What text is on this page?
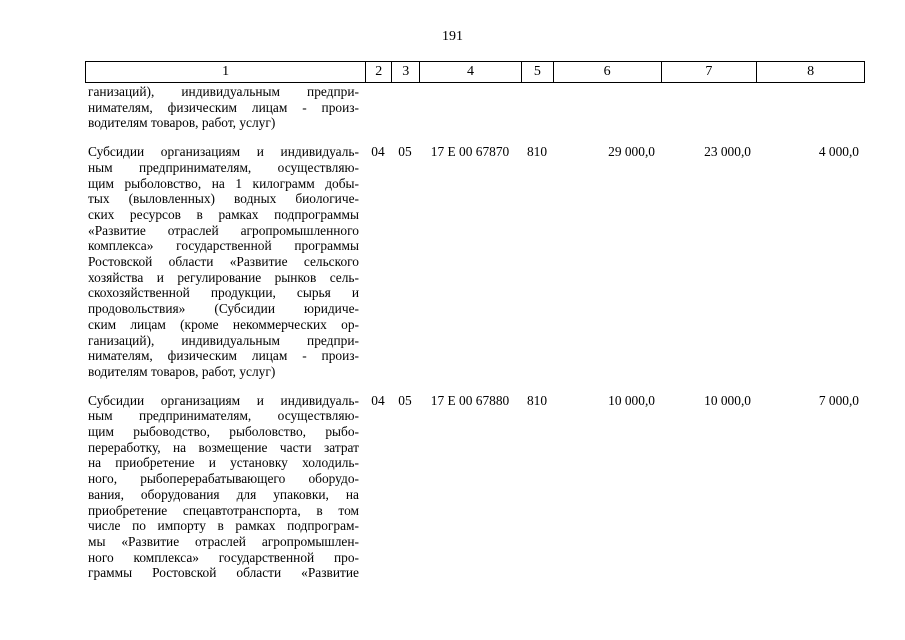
191
1	2	3	4	5	6	7	8
ганизаций), индивидуальным предпри-
нимателям, физическим лицам - произ-
водителям товаров, работ, услуг)
Субсидии организациям и индивидуаль-
ным предпринимателям, осуществляю-
щим рыболовство, на 1 килограмм добы-
тых (выловленных) водных биологиче-
ских ресурсов в рамках подпрограммы
«Развитие отраслей агропромышленного
комплекса» государственной программы
Ростовской области «Развитие сельского
хозяйства и регулирование рынков сель-
скохозяйственной продукции, сырья и
продовольствия» (Субсидии юридиче-
ским лицам (кроме некоммерческих ор-
ганизаций), индивидуальным предпри-
нимателям, физическим лицам - произ-
водителям товаров, работ, услуг)
04	05	17 Е 00 67870	810	29 000,0	23 000,0	4 000,0
Субсидии организациям и индивидуаль-
ным предпринимателям, осуществляю-
щим рыбоводство, рыболовство, рыбо-
переработку, на возмещение части затрат
на приобретение и установку холодиль-
ного, рыбоперерабатывающего оборудо-
вания, оборудования для упаковки, на
приобретение спецавтотранспорта, в том
числе по импорту в рамках подпрограм-
мы «Развитие отраслей агропромышлен-
ного комплекса» государственной про-
граммы Ростовской области «Развитие
04	05	17 Е 00 67880	810	10 000,0	10 000,0	7 000,0
